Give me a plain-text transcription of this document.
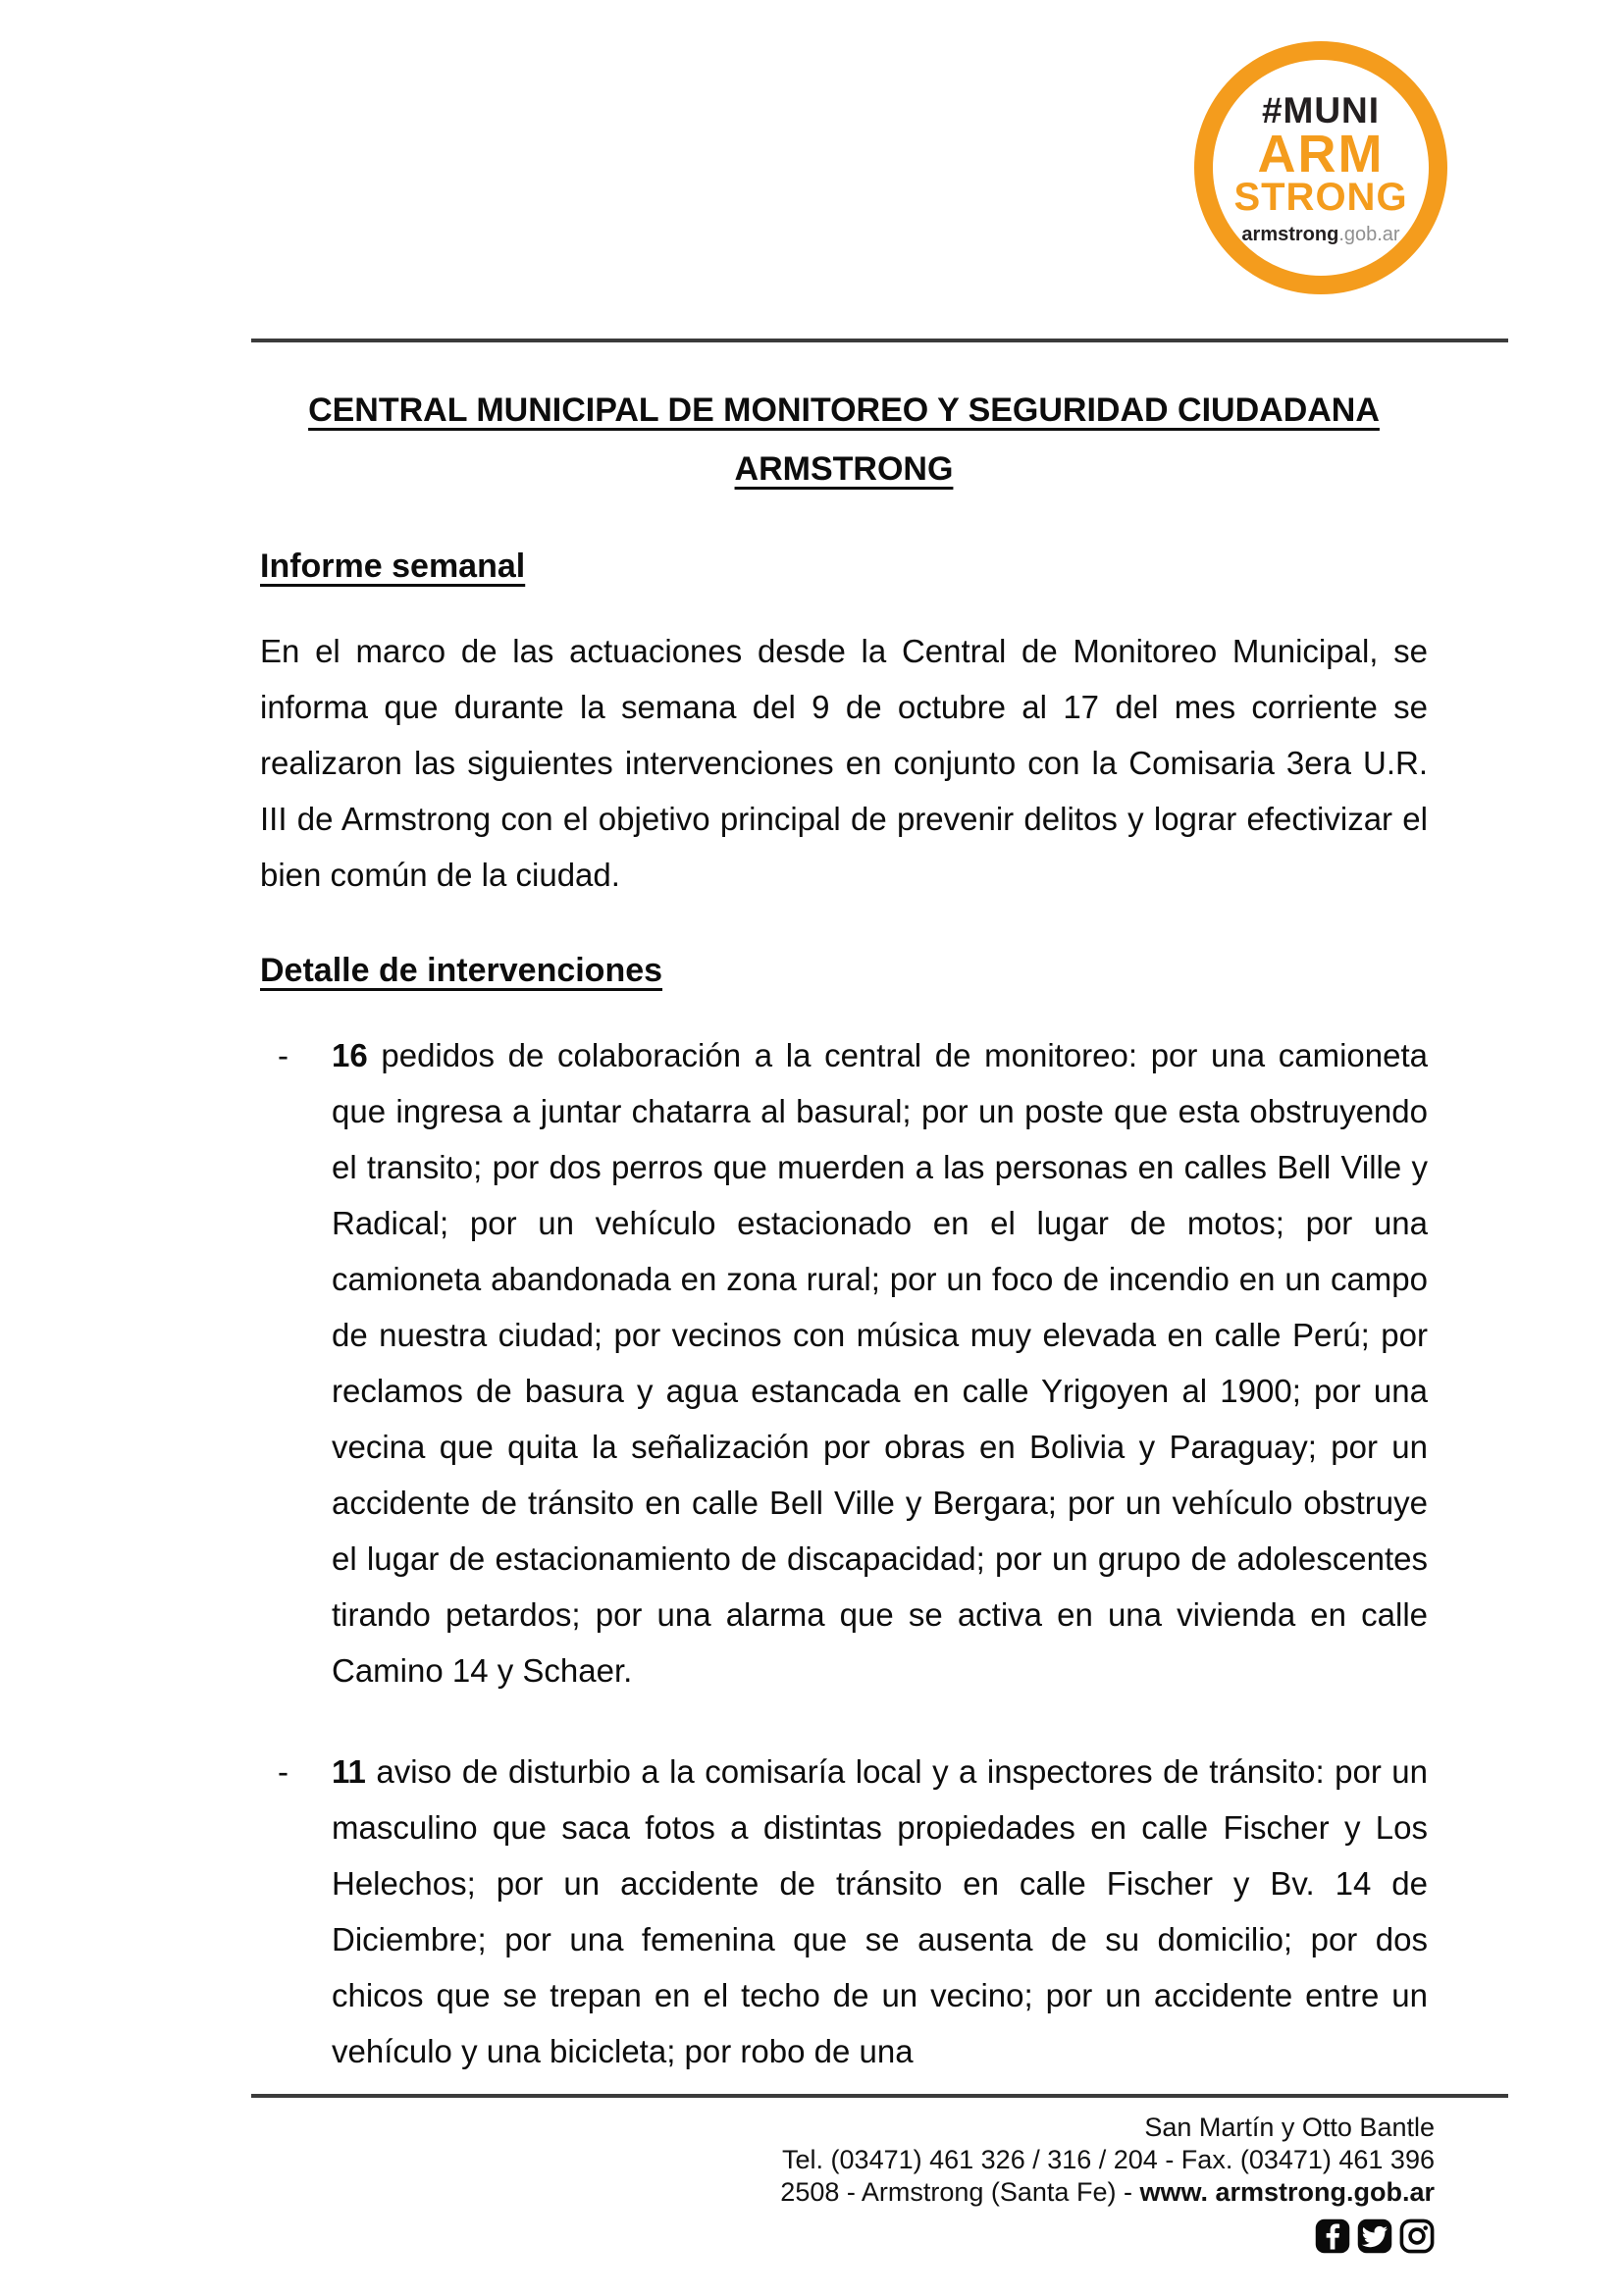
#MUNI
ARM
STRONG
armstrong.gob.ar
CENTRAL MUNICIPAL DE MONITOREO Y SEGURIDAD CIUDADANA
ARMSTRONG
Informe semanal
En el marco de las actuaciones desde la Central de Monitoreo Municipal, se informa que durante la semana del 9 de octubre al 17 del mes corriente se realizaron las siguientes intervenciones en conjunto con la Comisaria 3era U.R. III de Armstrong con el objetivo principal de prevenir delitos y lograr efectivizar el bien común de la ciudad.
Detalle de intervenciones
-	16 pedidos de colaboración a la central de monitoreo: por una camioneta que ingresa a juntar chatarra al basural; por un poste que esta obstruyendo el transito; por dos perros que muerden a las personas en calles Bell Ville y Radical; por un vehículo estacionado en el lugar de motos; por una camioneta abandonada en zona rural; por un foco de incendio en un campo de nuestra ciudad; por vecinos con música muy elevada en calle Perú; por reclamos de basura y agua estancada en calle Yrigoyen al 1900; por una vecina que quita la señalización por obras en Bolivia y Paraguay; por un accidente de tránsito en calle Bell Ville y Bergara; por un vehículo obstruye el lugar de estacionamiento de discapacidad; por un grupo de adolescentes tirando petardos; por una alarma que se activa en una vivienda en calle Camino 14 y Schaer.
-	11 aviso de disturbio a la comisaría local y a inspectores de tránsito: por un masculino que saca fotos a distintas propiedades en calle Fischer y Los Helechos; por un accidente de tránsito en calle Fischer y Bv. 14 de Diciembre; por una femenina que se ausenta de su domicilio; por dos chicos que se trepan en el techo de un vecino; por un accidente entre un vehículo y una bicicleta; por robo de una
San Martín y Otto Bantle
Tel. (03471) 461 326 / 316 / 204 - Fax. (03471) 461 396
2508 - Armstrong (Santa Fe) - www. armstrong.gob.ar
